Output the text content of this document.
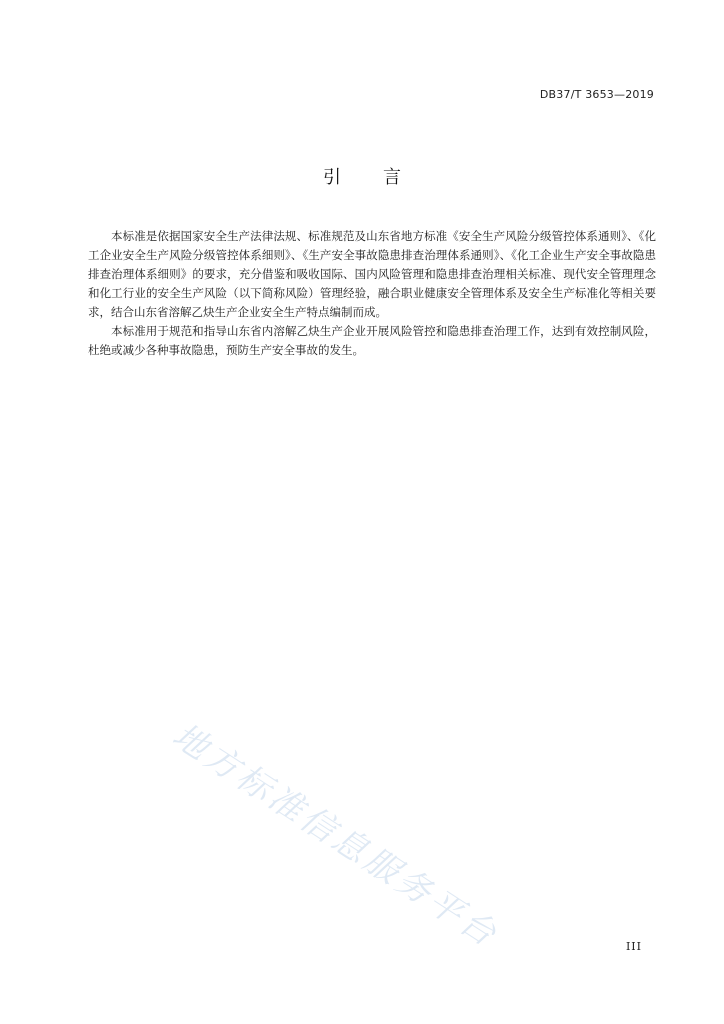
DB37/T 3653—2019
引言

本标准是依据国家安全生产法律法规、标准规范及山东省地方标准《安全生产风险分级管控体系通则》、《化工企业安全生产风险分级管控体系细则》、《生产安全事故隐患排查治理体系通则》、《化工企业生产安全事故隐患排查治理体系细则》的要求，充分借鉴和吸收国际、国内风险管理和隐患排查治理相关标准、现代安全管理理念和化工行业的安全生产风险（以下简称风险）管理经验，融合职业健康安全管理体系及安全生产标准化等相关要求，结合山东省溶解乙炔生产企业安全生产特点编制而成。

本标准用于规范和指导山东省内溶解乙炔生产企业开展风险管控和隐患排查治理工作，达到有效控制风险，杜绝或减少各种事故隐患，预防生产安全事故的发生。

地方标准信息服务平台	III
